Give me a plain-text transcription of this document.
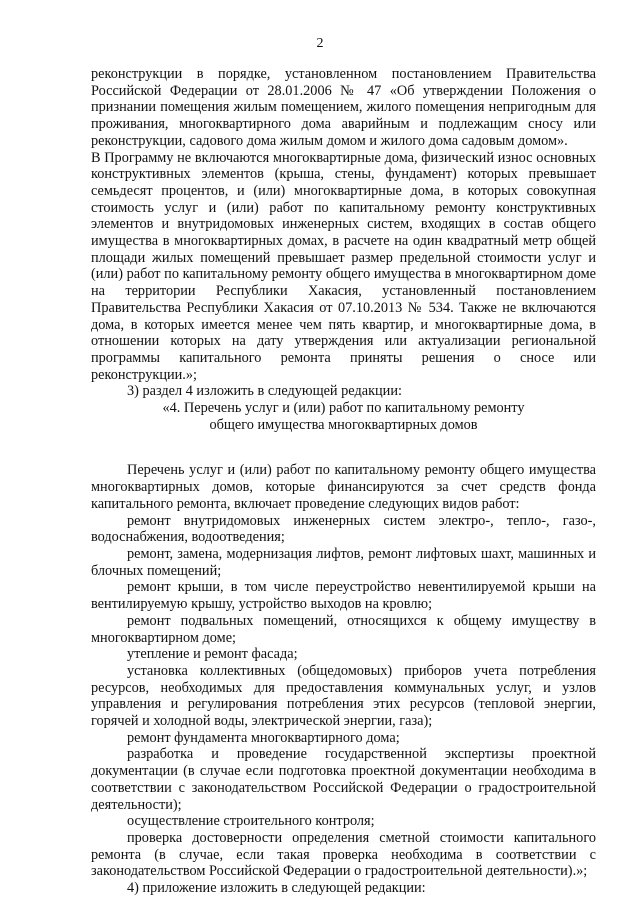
2

реконструкции в порядке, установленном постановлением Правительства Российской Федерации от 28.01.2006 № 47 «Об утверждении Положения о признании помещения жилым помещением, жилого помещения непригодным для проживания, многоквартирного дома аварийным и подлежащим сносу или реконструкции, садового дома жилым домом и жилого дома садовым домом».

В Программу не включаются многоквартирные дома, физический износ основных конструктивных элементов (крыша, стены, фундамент) которых превышает семьдесят процентов, и (или) многоквартирные дома, в которых совокупная стоимость услуг и (или) работ по капитальному ремонту конструктивных элементов и внутридомовых инженерных систем, входящих в состав общего имущества в многоквартирных домах, в расчете на один квадратный метр общей площади жилых помещений превышает размер предельной стоимости услуг и (или) работ по капитальному ремонту общего имущества в многоквартирном доме на территории Республики Хакасия, установленный постановлением Правительства Республики Хакасия от 07.10.2013 № 534. Также не включаются дома, в которых имеется менее чем пять квартир, и многоквартирные дома, в отношении которых на дату утверждения или актуализации региональной программы капитального ремонта приняты решения о сносе или реконструкции.»;

3) раздел 4 изложить в следующей редакции:

«4. Перечень услуг и (или) работ по капитальному ремонту

общего имущества многоквартирных домов

Перечень услуг и (или) работ по капитальному ремонту общего имущества многоквартирных домов, которые финансируются за счет средств фонда капитального ремонта, включает проведение следующих видов работ:

ремонт внутридомовых инженерных систем электро-, тепло-, газо-, водоснабжения, водоотведения;

ремонт, замена, модернизация лифтов, ремонт лифтовых шахт, машинных и блочных помещений;

ремонт крыши, в том числе переустройство невентилируемой крыши на вентилируемую крышу, устройство выходов на кровлю;

ремонт подвальных помещений, относящихся к общему имуществу в многоквартирном доме;

утепление и ремонт фасада;

установка коллективных (общедомовых) приборов учета потребления ресурсов, необходимых для предоставления коммунальных услуг, и узлов управления и регулирования потребления этих ресурсов (тепловой энергии, горячей и холодной воды, электрической энергии, газа);

ремонт фундамента многоквартирного дома;

разработка и проведение государственной экспертизы проектной документации (в случае если подготовка проектной документации необходима в соответствии с законодательством Российской Федерации о градостроительной деятельности);

осуществление строительного контроля;

проверка достоверности определения сметной стоимости капитального ремонта (в случае, если такая проверка необходима в соответствии с законодательством Российской Федерации о градостроительной деятельности).»;

4) приложение изложить в следующей редакции:
